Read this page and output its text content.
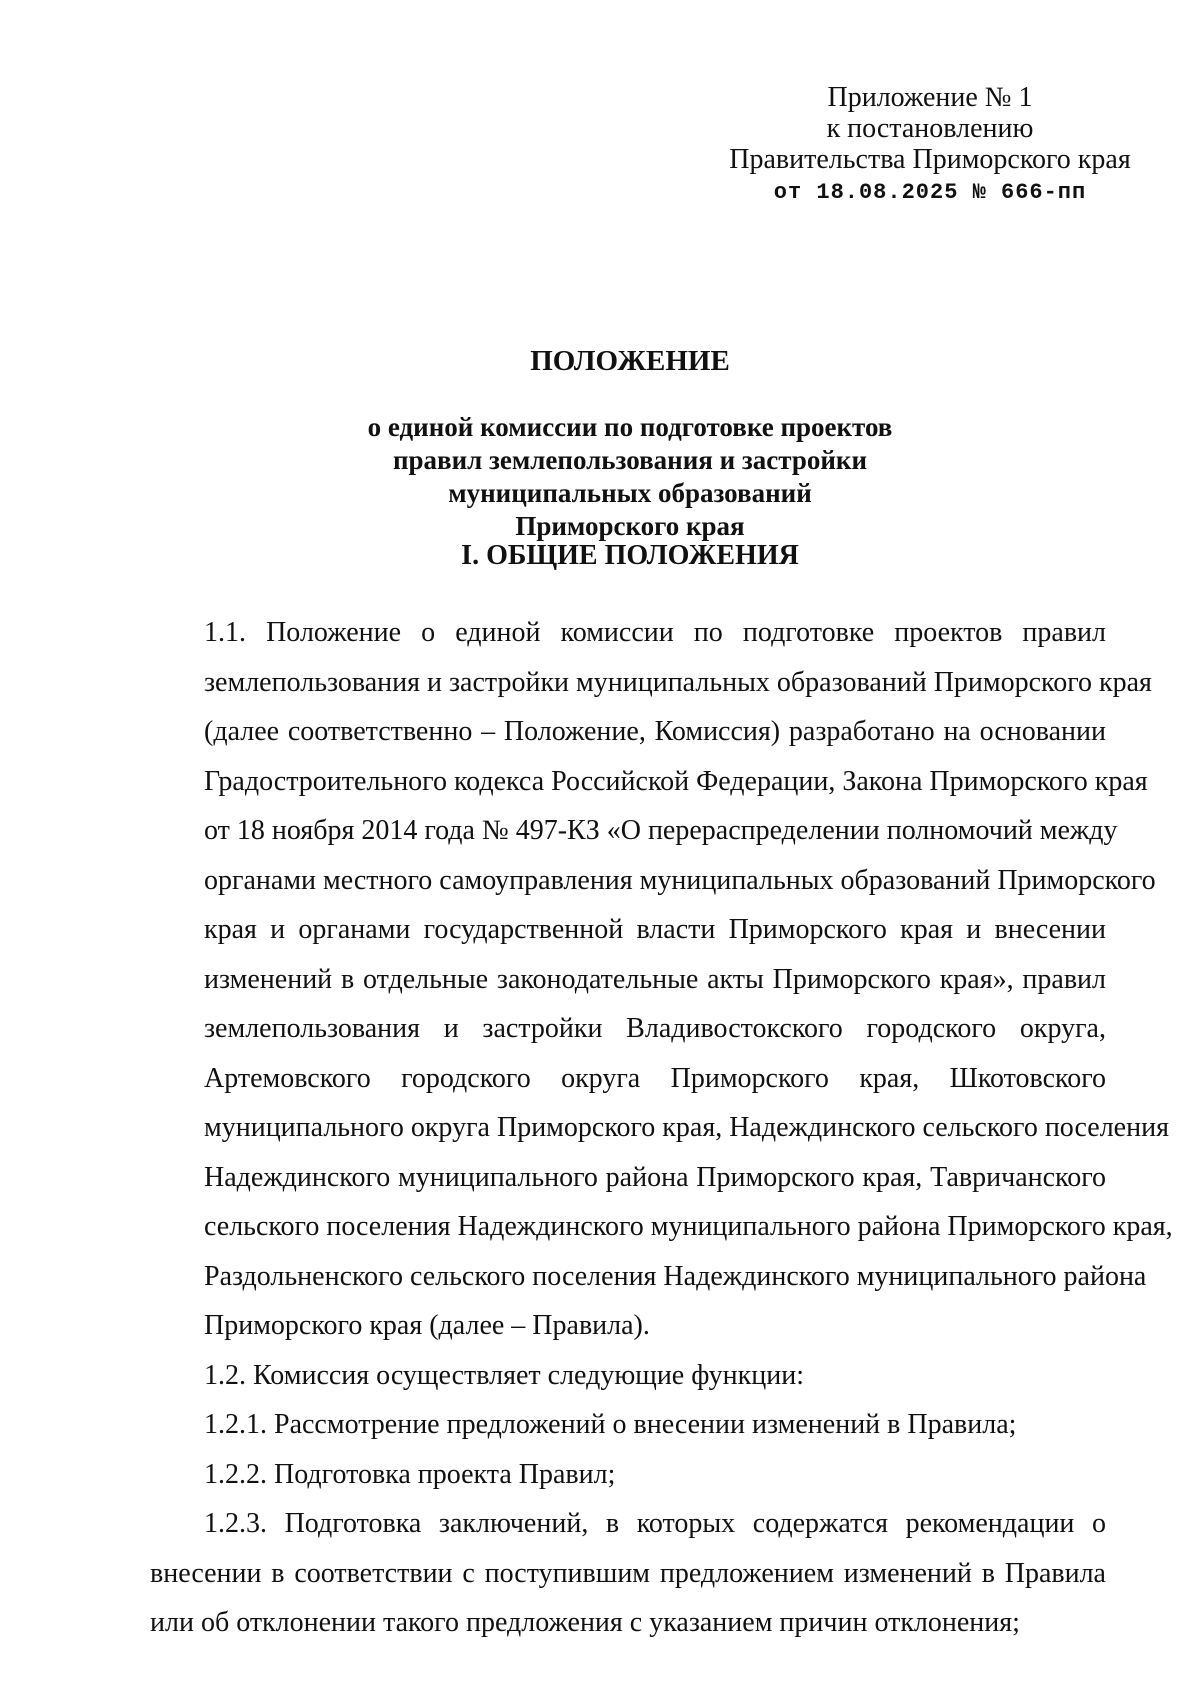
Приложение № 1
к постановлению
Правительства Приморского края
от 18.08.2025 № 666-пп

ПОЛОЖЕНИЕ

о единой комиссии по подготовке проектов
правил землепользования и застройки
муниципальных образований
Приморского края

I. ОБЩИЕ ПОЛОЖЕНИЯ

1.1. Положение о единой комиссии по подготовке проектов правил
землепользования и застройки муниципальных образований Приморского края
(далее соответственно – Положение, Комиссия) разработано на основании
Градостроительного кодекса Российской Федерации, Закона Приморского края
от 18 ноября 2014 года № 497-КЗ «О перераспределении полномочий между
органами местного самоуправления муниципальных образований Приморского
края и органами государственной власти Приморского края и внесении
изменений в отдельные законодательные акты Приморского края», правил
землепользования и застройки Владивостокского городского округа,
Артемовского городского округа Приморского края, Шкотовского
муниципального округа Приморского края, Надеждинского сельского поселения
Надеждинского муниципального района Приморского края, Тавричанского
сельского поселения Надеждинского муниципального района Приморского края,
Раздольненского сельского поселения Надеждинского муниципального района
Приморского края (далее – Правила).

1.2. Комиссия осуществляет следующие функции:

1.2.1. Рассмотрение предложений о внесении изменений в Правила;

1.2.2. Подготовка проекта Правил;

1.2.3. Подготовка заключений, в которых содержатся рекомендации о
внесении в соответствии с поступившим предложением изменений в Правила
или об отклонении такого предложения с указанием причин отклонения;
